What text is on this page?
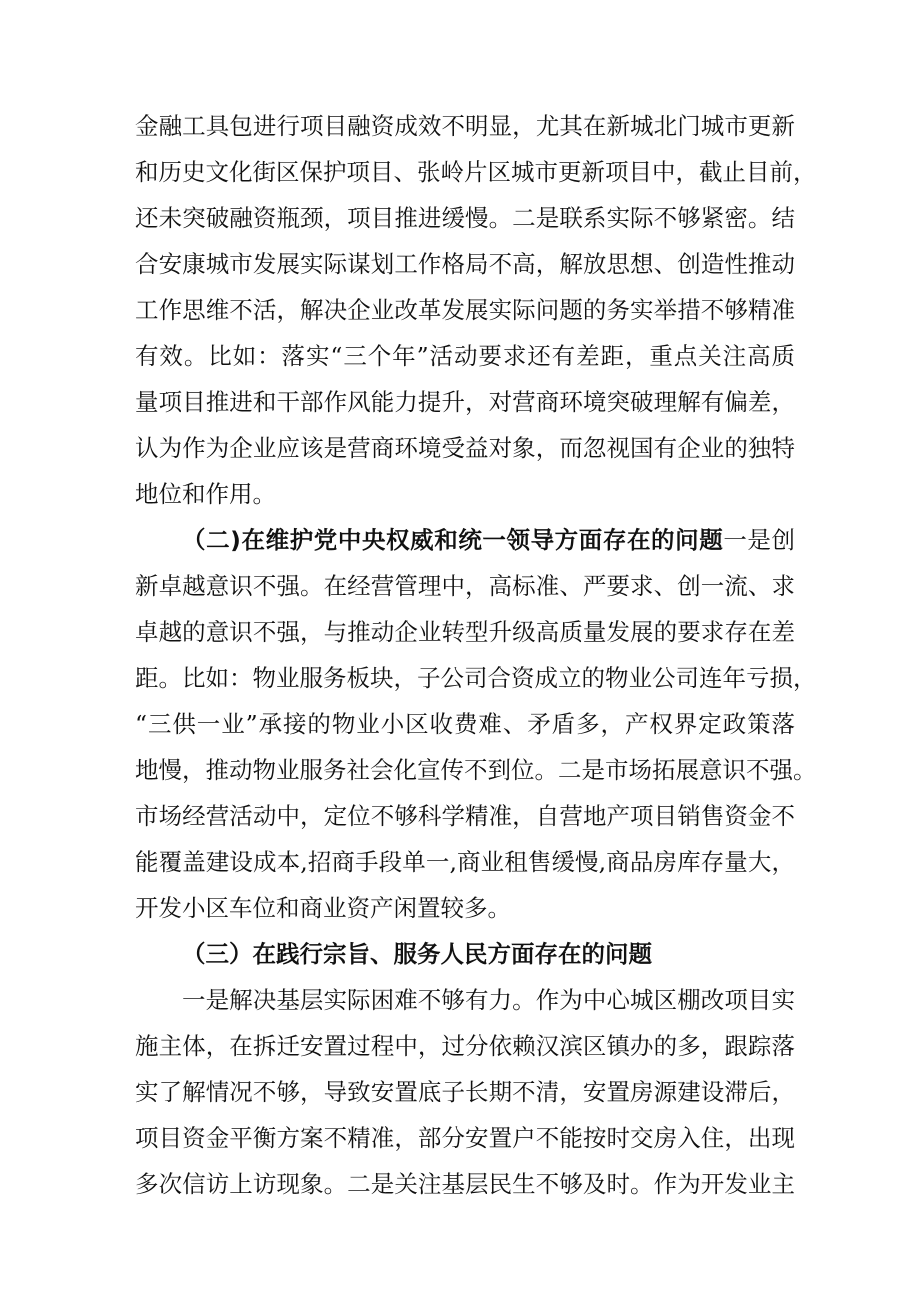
金融工具包进行项目融资成效不明显，尤其在新城北门城市更新
和历史文化街区保护项目、张岭片区城市更新项目中，截止目前，
还未突破融资瓶颈，项目推进缓慢。二是联系实际不够紧密。结
合安康城市发展实际谋划工作格局不高，解放思想、创造性推动
工作思维不活，解决企业改革发展实际问题的务实举措不够精准
有效。比如：落实“三个年”活动要求还有差距，重点关注高质
量项目推进和干部作风能力提升，对营商环境突破理解有偏差，
认为作为企业应该是营商环境受益对象，而忽视国有企业的独特
地位和作用。
（二)在维护党中央权威和统一领导方面存在的问题一是创
新卓越意识不强。在经营管理中，高标准、严要求、创一流、求
卓越的意识不强，与推动企业转型升级高质量发展的要求存在差
距。比如：物业服务板块，子公司合资成立的物业公司连年亏损，
“三供一业”承接的物业小区收费难、矛盾多，产权界定政策落
地慢，推动物业服务社会化宣传不到位。二是市场拓展意识不强。
市场经营活动中，定位不够科学精准，自营地产项目销售资金不
能覆盖建设成本,招商手段单一,商业租售缓慢,商品房库存量大，
开发小区车位和商业资产闲置较多。
（三）在践行宗旨、服务人民方面存在的问题
一是解决基层实际困难不够有力。作为中心城区棚改项目实
施主体，在拆迁安置过程中，过分依赖汉滨区镇办的多，跟踪落
实了解情况不够，导致安置底子长期不清，安置房源建设滞后，
项目资金平衡方案不精准，部分安置户不能按时交房入住，出现
多次信访上访现象。二是关注基层民生不够及时。作为开发业主
